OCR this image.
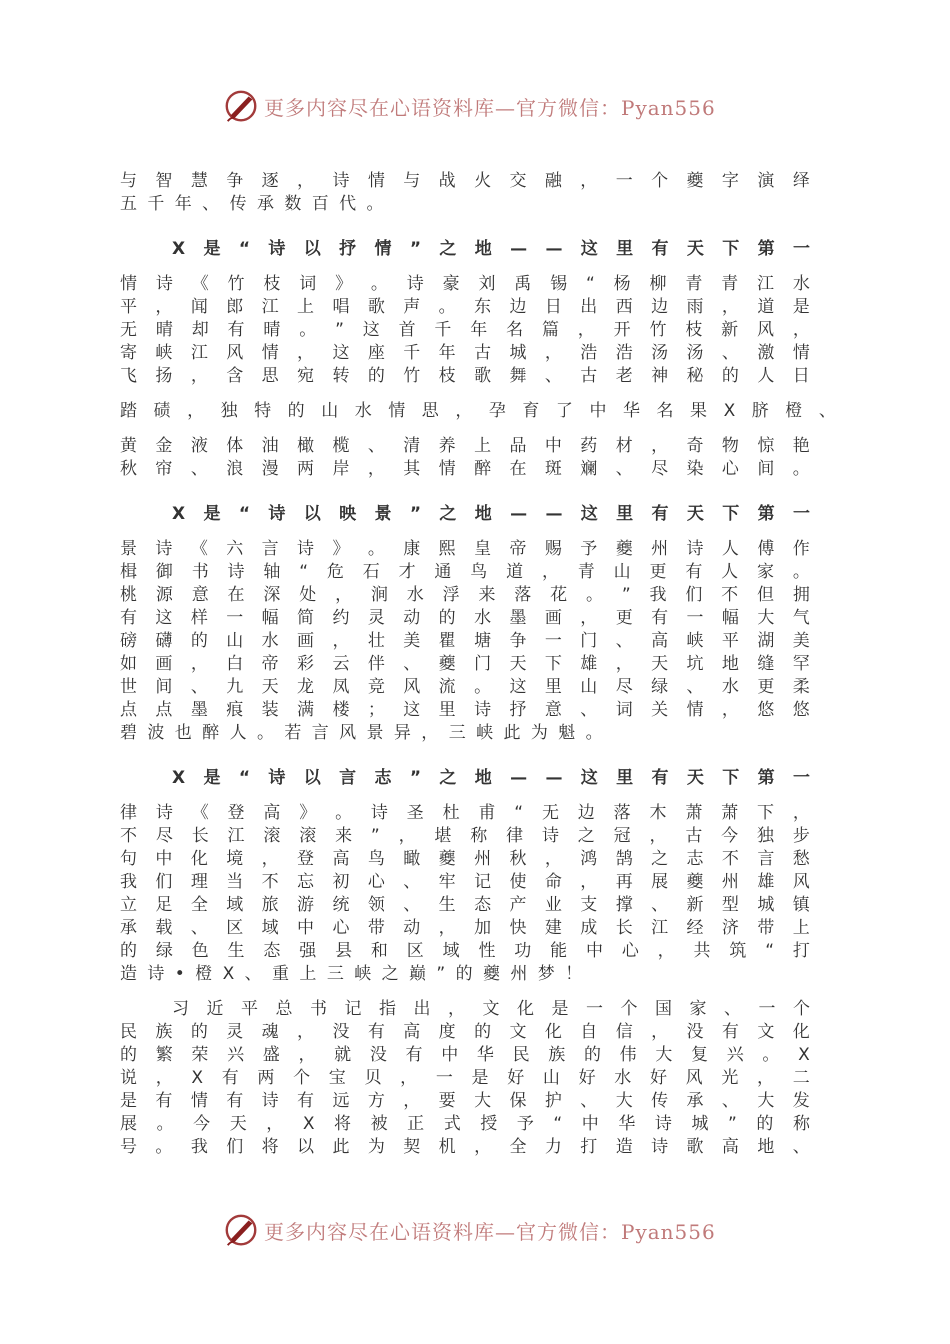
更多内容尽在心语资料库—官方微信：Pyan556
与 智 慧 争 逐 ， 诗 情 与 战 火 交 融 ， 一 个 夔 字 演 绎
五 千 年 、 传 承 数 百 代 。
X 是 “ 诗 以 抒 情 ” 之 地 — — 这 里 有 天 下 第 一
情 诗 《 竹 枝 词 》 。 诗 豪 刘 禹 锡 “ 杨 柳 青 青 江 水
平 ， 闻 郎 江 上 唱 歌 声 。 东 边 日 出 西 边 雨 ， 道 是
无 晴 却 有 晴 。 ” 这 首 千 年 名 篇 ， 开 竹 枝 新 风 ，
寄 峡 江 风 情 ， 这 座 千 年 古 城 ， 浩 浩 汤 汤 、 激 情
飞 扬 ， 含 思 宛 转 的 竹 枝 歌 舞 、 古 老 神 秘 的 人 日
踏 碛 ， 独 特 的 山 水 情 思 ， 孕 育 了 中 华 名 果 X 脐 橙 、
黄 金 液 体 油 橄 榄 、 清 养 上 品 中 药 材 ， 奇 物 惊 艳
秋 帘 、 浪 漫 两 岸 ， 其 情 醉 在 斑 斓 、 尽 染 心 间 。
X 是 “ 诗 以 映 景 ” 之 地 — — 这 里 有 天 下 第 一
景 诗 《 六 言 诗 》 。 康 熙 皇 帝 赐 予 夔 州 诗 人 傅 作
楫 御 书 诗 轴 “ 危 石 才 通 鸟 道 ， 青 山 更 有 人 家 。
桃 源 意 在 深 处 ， 涧 水 浮 来 落 花 。 ” 我 们 不 但 拥
有 这 样 一 幅 简 约 灵 动 的 水 墨 画 ， 更 有 一 幅 大 气
磅 礴 的 山 水 画 ， 壮 美 瞿 塘 争 一 门 、 高 峡 平 湖 美
如 画 ， 白 帝 彩 云 伴 、 夔 门 天 下 雄 ， 天 坑 地 缝 罕
世 间 、 九 天 龙 凤 竞 风 流 。 这 里 山 尽 绿 、 水 更 柔
点 点 墨 痕 装 满 楼 ； 这 里 诗 抒 意 、 词 关 情 ， 悠 悠
碧 波 也 醉 人 。 若 言 风 景 异 ， 三 峡 此 为 魁 。
X 是 “ 诗 以 言 志 ” 之 地 — — 这 里 有 天 下 第 一
律 诗 《 登 高 》 。 诗 圣 杜 甫 “ 无 边 落 木 萧 萧 下 ，
不 尽 长 江 滚 滚 来 ” ， 堪 称 律 诗 之 冠 ， 古 今 独 步
句 中 化 境 ， 登 高 鸟 瞰 夔 州 秋 ， 鸿 鹄 之 志 不 言 愁
我 们 理 当 不 忘 初 心 、 牢 记 使 命 ， 再 展 夔 州 雄 风
立 足 全 域 旅 游 统 领 、 生 态 产 业 支 撑 、 新 型 城 镇
承 载 、 区 域 中 心 带 动 ， 加 快 建 成 长 江 经 济 带 上
的 绿 色 生 态 强 县 和 区 域 性 功 能 中 心 ， 共 筑 “ 打
造 诗 • 橙 X 、 重 上 三 峡 之 巅 ” 的 夔 州 梦 ！
习 近 平 总 书 记 指 出 ， 文 化 是 一 个 国 家 、 一 个
民 族 的 灵 魂 ， 没 有 高 度 的 文 化 自 信 ， 没 有 文 化
的 繁 荣 兴 盛 ， 就 没 有 中 华 民 族 的 伟 大 复 兴 。 X
说 ， X 有 两 个 宝 贝 ， 一 是 好 山 好 水 好 风 光 ， 二
是 有 情 有 诗 有 远 方 ， 要 大 保 护 、 大 传 承 、 大 发
展 。 今 天 ， X 将 被 正 式 授 予 “ 中 华 诗 城 ” 的 称
号 。 我 们 将 以 此 为 契 机 ， 全 力 打 造 诗 歌 高 地 、
更多内容尽在心语资料库—官方微信：Pyan556
